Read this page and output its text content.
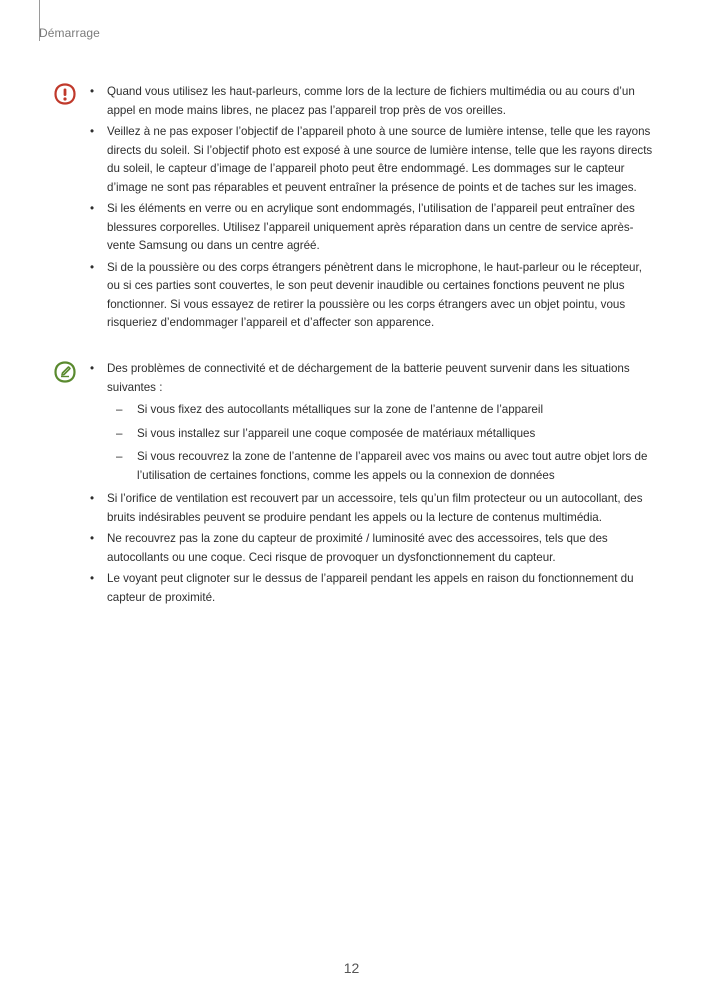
Démarrage
• Quand vous utilisez les haut-parleurs, comme lors de la lecture de fichiers multimédia ou au cours d’un appel en mode mains libres, ne placez pas l’appareil trop près de vos oreilles.
• Veillez à ne pas exposer l’objectif de l’appareil photo à une source de lumière intense, telle que les rayons directs du soleil. Si l’objectif photo est exposé à une source de lumière intense, telle que les rayons directs du soleil, le capteur d’image de l’appareil photo peut être endommagé. Les dommages sur le capteur d’image ne sont pas réparables et peuvent entraîner la présence de points et de taches sur les images.
• Si les éléments en verre ou en acrylique sont endommagés, l’utilisation de l’appareil peut entraîner des blessures corporelles. Utilisez l’appareil uniquement après réparation dans un centre de service après-vente Samsung ou dans un centre agréé.
• Si de la poussière ou des corps étrangers pénètrent dans le microphone, le haut-parleur ou le récepteur, ou si ces parties sont couvertes, le son peut devenir inaudible ou certaines fonctions peuvent ne plus fonctionner. Si vous essayez de retirer la poussière ou les corps étrangers avec un objet pointu, vous risqueriez d’endommager l’appareil et d’affecter son apparence.
• Des problèmes de connectivité et de déchargement de la batterie peuvent survenir dans les situations suivantes :
– Si vous fixez des autocollants métalliques sur la zone de l’antenne de l’appareil
– Si vous installez sur l’appareil une coque composée de matériaux métalliques
– Si vous recouvrez la zone de l’antenne de l’appareil avec vos mains ou avec tout autre objet lors de l’utilisation de certaines fonctions, comme les appels ou la connexion de données
• Si l’orifice de ventilation est recouvert par un accessoire, tels qu’un film protecteur ou un autocollant, des bruits indésirables peuvent se produire pendant les appels ou la lecture de contenus multimédia.
• Ne recouvrez pas la zone du capteur de proximité / luminosité avec des accessoires, tels que des autocollants ou une coque. Ceci risque de provoquer un dysfonctionnement du capteur.
• Le voyant peut clignoter sur le dessus de l’appareil pendant les appels en raison du fonctionnement du capteur de proximité.
12
